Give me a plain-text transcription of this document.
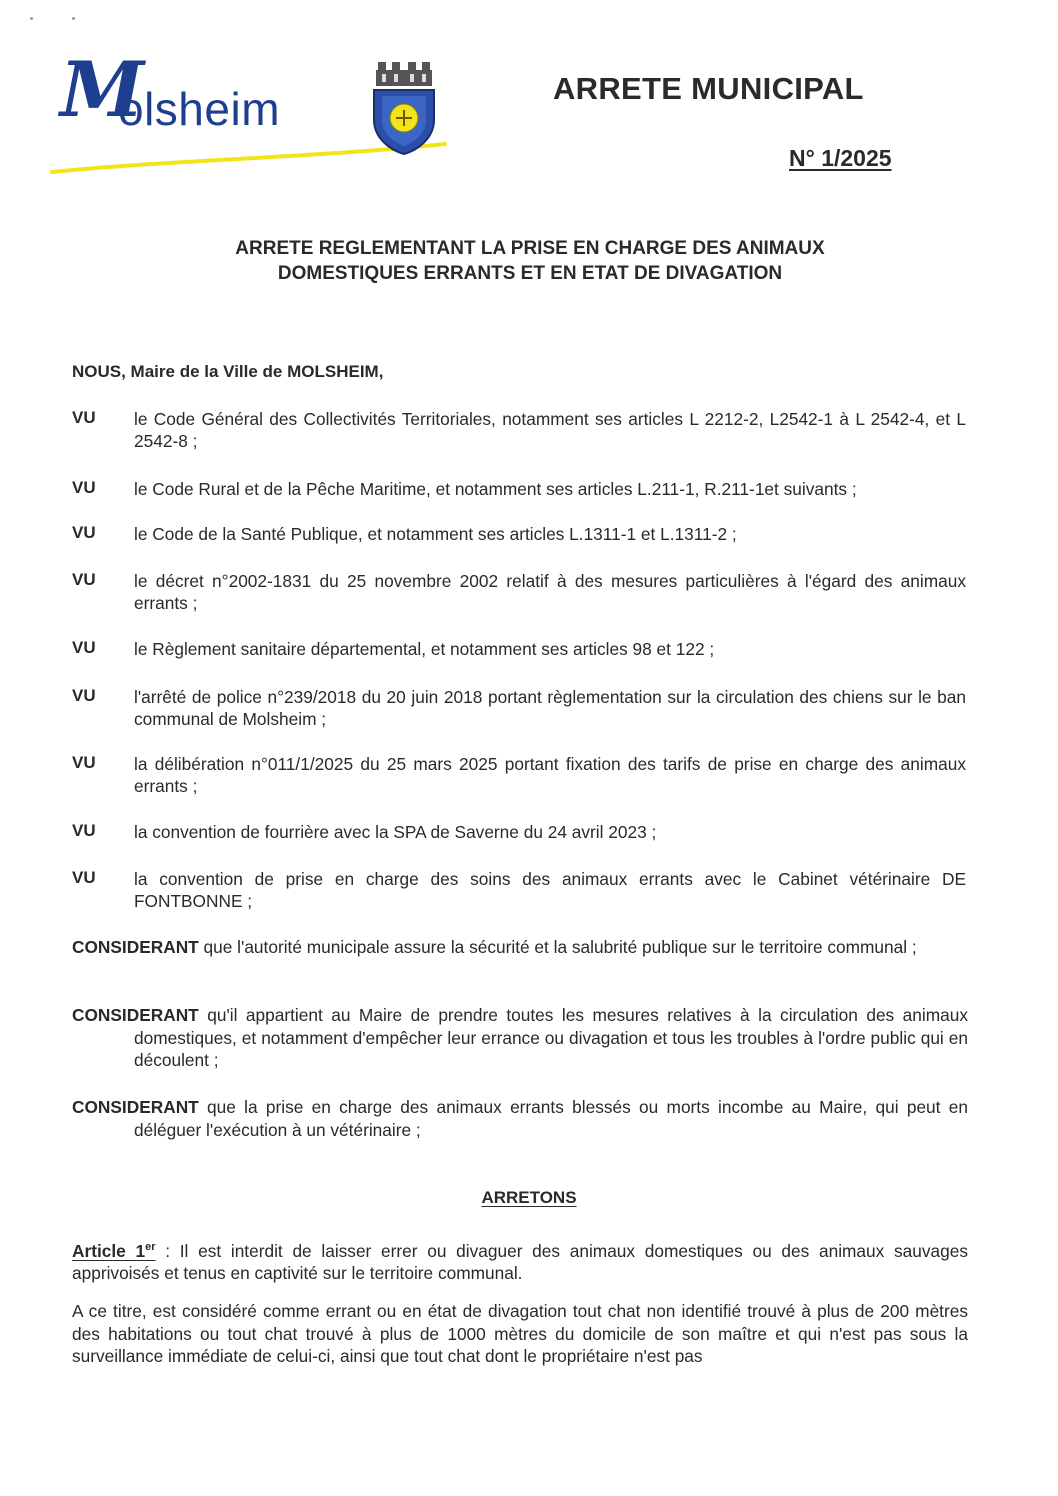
M
olsheim	ARRETE MUNICIPAL
N° 1/2025
ARRETE REGLEMENTANT LA PRISE EN CHARGE DES ANIMAUX
DOMESTIQUES ERRANTS ET EN ETAT DE DIVAGATION
NOUS, Maire de la Ville de MOLSHEIM,
VU le Code Général des Collectivités Territoriales, notamment ses articles L 2212-2, L2542-1 à L 2542-4, et L 2542-8 ;
VU le Code Rural et de la Pêche Maritime, et notamment ses articles L.211-1, R.211-1et suivants ;
VU le Code de la Santé Publique, et notamment ses articles L.1311-1 et L.1311-2 ;
VU le décret n°2002-1831 du 25 novembre 2002 relatif à des mesures particulières à l'égard des animaux errants ;
VU le Règlement sanitaire départemental, et notamment ses articles 98 et 122 ;
VU l'arrêté de police n°239/2018 du 20 juin 2018 portant règlementation sur la circulation des chiens sur le ban communal de Molsheim ;
VU la délibération n°011/1/2025 du 25 mars 2025 portant fixation des tarifs de prise en charge des animaux errants ;
VU la convention de fourrière avec la SPA de Saverne du 24 avril 2023 ;
VU la convention de prise en charge des soins des animaux errants avec le Cabinet vétérinaire DE FONTBONNE ;
CONSIDERANT que l'autorité municipale assure la sécurité et la salubrité publique sur le territoire communal ;
CONSIDERANT qu'il appartient au Maire de prendre toutes les mesures relatives à la circulation des animaux domestiques, et notamment d'empêcher leur errance ou divagation et tous les troubles à l'ordre public qui en découlent ;
CONSIDERANT que la prise en charge des animaux errants blessés ou morts incombe au Maire, qui peut en déléguer l'exécution à un vétérinaire ;
ARRETONS
Article 1er : Il est interdit de laisser errer ou divaguer des animaux domestiques ou des animaux sauvages apprivoisés et tenus en captivité sur le territoire communal.
A ce titre, est considéré comme errant ou en état de divagation tout chat non identifié trouvé à plus de 200 mètres des habitations ou tout chat trouvé à plus de 1000 mètres du domicile de son maître et qui n'est pas sous la surveillance immédiate de celui-ci, ainsi que tout chat dont le propriétaire n'est pas
